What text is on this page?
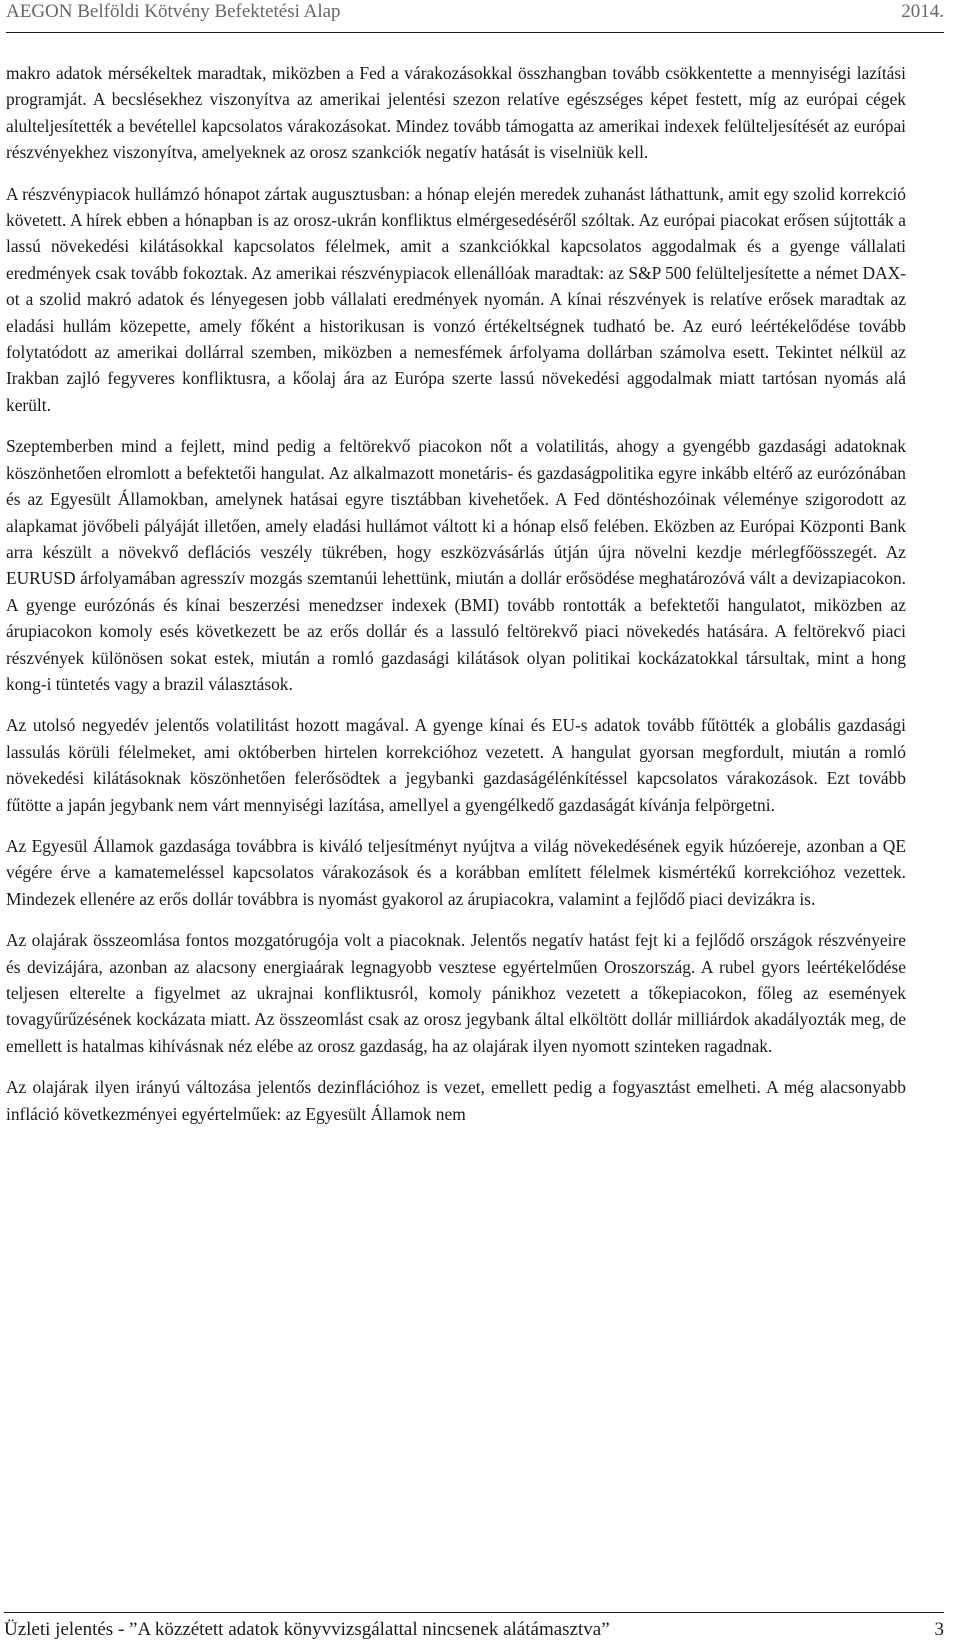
AEGON Belföldi Kötvény Befektetési Alap	2014.

makro adatok mérsékeltek maradtak, miközben a Fed a várakozásokkal összhangban tovább csökkentette a mennyiségi lazítási programját. A becslésekhez viszonyítva az amerikai jelentési szezon relatíve egészséges képet festett, míg az európai cégek alulteljesítették a bevétellel kapcsolatos várakozásokat. Mindez tovább támogatta az amerikai indexek felülteljesítését az európai részvényekhez viszonyítva, amelyeknek az orosz szankciók negatív hatását is viselniük kell.

A részvénypiacok hullámzó hónapot zártak augusztusban: a hónap elején meredek zuhanást láthattunk, amit egy szolid korrekció követett. A hírek ebben a hónapban is az orosz-ukrán konfliktus elmérgesedéséről szóltak. Az európai piacokat erősen sújtották a lassú növekedési kilátásokkal kapcsolatos félelmek, amit a szankciókkal kapcsolatos aggodalmak és a gyenge vállalati eredmények csak tovább fokoztak. Az amerikai részvénypiacok ellenállóak maradtak: az S&P 500 felülteljesítette a német DAX-ot a szolid makró adatok és lényegesen jobb vállalati eredmények nyomán. A kínai részvények is relatíve erősek maradtak az eladási hullám közepette, amely főként a historikusan is vonzó értékeltségnek tudható be. Az euró leértékelődése tovább folytatódott az amerikai dollárral szemben, miközben a nemesfémek árfolyama dollárban számolva esett. Tekintet nélkül az Irakban zajló fegyveres konfliktusra, a kőolaj ára az Európa szerte lassú növekedési aggodalmak miatt tartósan nyomás alá került.

Szeptemberben mind a fejlett, mind pedig a feltörekvő piacokon nőt a volatilitás, ahogy a gyengébb gazdasági adatoknak köszönhetően elromlott a befektetői hangulat. Az alkalmazott monetáris- és gazdaságpolitika egyre inkább eltérő az eurózónában és az Egyesült Államokban, amelynek hatásai egyre tisztábban kivehetőek. A Fed döntéshozóinak véleménye szigorodott az alapkamat jövőbeli pályáját illetően, amely eladási hullámot váltott ki a hónap első felében. Eközben az Európai Központi Bank arra készült a növekvő deflációs veszély tükrében, hogy eszközvásárlás útján újra növelni kezdje mérlegfőösszegét. Az EURUSD árfolyamában agresszív mozgás szemtanúi lehettünk, miután a dollár erősödése meghatározóvá vált a devizapiacokon. A gyenge eurózónás és kínai beszerzési menedzser indexek (BMI) tovább rontották a befektetői hangulatot, miközben az árupiacokon komoly esés következett be az erős dollár és a lassuló feltörekvő piaci növekedés hatására. A feltörekvő piaci részvények különösen sokat estek, miután a romló gazdasági kilátások olyan politikai kockázatokkal társultak, mint a hong kong-i tüntetés vagy a brazil választások.

Az utolsó negyedév jelentős volatilitást hozott magával. A gyenge kínai és EU-s adatok tovább fűtötték a globális gazdasági lassulás körüli félelmeket, ami októberben hirtelen korrekcióhoz vezetett. A hangulat gyorsan megfordult, miután a romló növekedési kilátásoknak köszönhetően felerősödtek a jegybanki gazdaságélénkítéssel kapcsolatos várakozások. Ezt tovább fűtötte a japán jegybank nem várt mennyiségi lazítása, amellyel a gyengélkedő gazdaságát kívánja felpörgetni.

Az Egyesül Államok gazdasága továbbra is kiváló teljesítményt nyújtva a világ növekedésének egyik húzóereje, azonban a QE végére érve a kamatemeléssel kapcsolatos várakozások és a korábban említett félelmek kismértékű korrekcióhoz vezettek. Mindezek ellenére az erős dollár továbbra is nyomást gyakorol az árupiacokra, valamint a fejlődő piaci devizákra is.

Az olajárak összeomlása fontos mozgatórugója volt a piacoknak. Jelentős negatív hatást fejt ki a fejlődő országok részvényeire és devizájára, azonban az alacsony energiaárak legnagyobb vesztese egyértelműen Oroszország. A rubel gyors leértékelődése teljesen elterelte a figyelmet az ukrajnai konfliktusról, komoly pánikhoz vezetett a tőkepiacokon, főleg az események tovagyűrűzésének kockázata miatt. Az összeomlást csak az orosz jegybank által elköltött dollár milliárdok akadályozták meg, de emellett is hatalmas kihívásnak néz elébe az orosz gazdaság, ha az olajárak ilyen nyomott szinteken ragadnak.

Az olajárak ilyen irányú változása jelentős dezinflációhoz is vezet, emellett pedig a fogyasztást emelheti. A még alacsonyabb infláció következményei egyértelműek: az Egyesült Államok nem

Üzleti jelentés - ”A közzétett adatok könyvvizsgálattal nincsenek alátámasztva”	3
